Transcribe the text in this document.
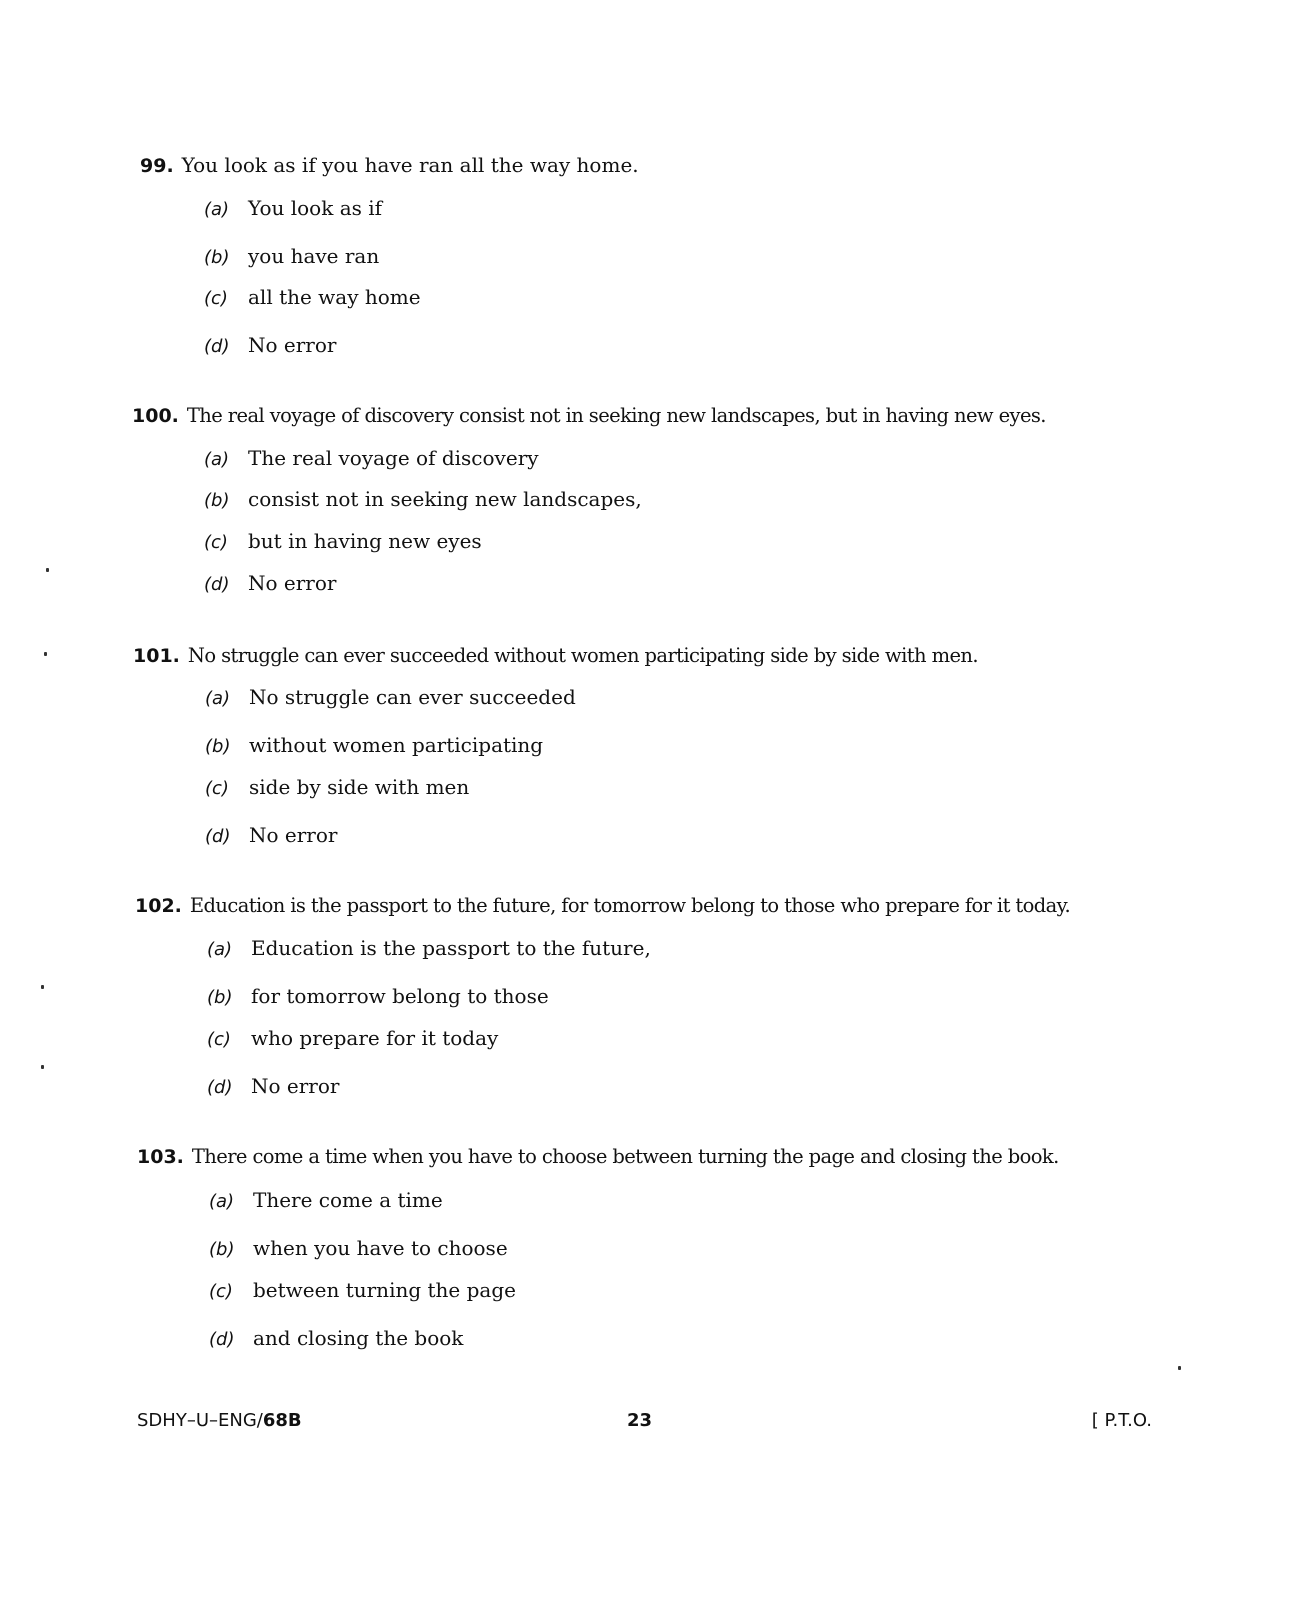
99. You look as if you have ran all the way home.
(a) You look as if
(b) you have ran
(c) all the way home
(d) No error
100. The real voyage of discovery consist not in seeking new landscapes, but in having new eyes.
(a) The real voyage of discovery
(b) consist not in seeking new landscapes,
(c) but in having new eyes
(d) No error
101. No struggle can ever succeeded without women participating side by side with men.
(a) No struggle can ever succeeded
(b) without women participating
(c) side by side with men
(d) No error
102. Education is the passport to the future, for tomorrow belong to those who prepare for it today.
(a) Education is the passport to the future,
(b) for tomorrow belong to those
(c) who prepare for it today
(d) No error
103. There come a time when you have to choose between turning the page and closing the book.
(a) There come a time
(b) when you have to choose
(c) between turning the page
(d) and closing the book
SDHY–U–ENG/68B	23	[ P.T.O.
